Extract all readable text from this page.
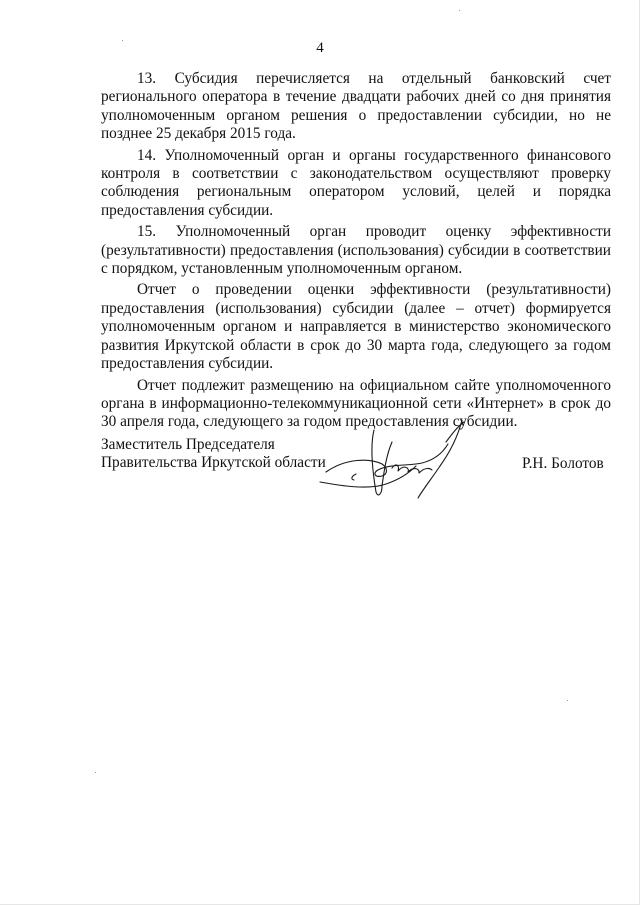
4

13. Субсидия перечисляется на отдельный банковский счет регионального оператора в течение двадцати рабочих дней со дня принятия уполномоченным органом решения о предоставлении субсидии, но не позднее 25 декабря 2015 года.

14. Уполномоченный орган и органы государственного финансового контроля в соответствии с законодательством осуществляют проверку соблюдения региональным оператором условий, целей и порядка предоставления субсидии.

15. Уполномоченный орган проводит оценку эффективности (результативности) предоставления (использования) субсидии в соответствии с порядком, установленным уполномоченным органом.

Отчет о проведении оценки эффективности (результативности) предоставления (использования) субсидии (далее – отчет) формируется уполномоченным органом и направляется в министерство экономического развития Иркутской области в срок до 30 марта года, следующего за годом предоставления субсидии.

Отчет подлежит размещению на официальном сайте уполномоченного органа в информационно-телекоммуникационной сети «Интернет» в срок до 30 апреля года, следующего за годом предоставления субсидии.

Заместитель Председателя
Правительства Иркутской области	Р.Н. Болотов
